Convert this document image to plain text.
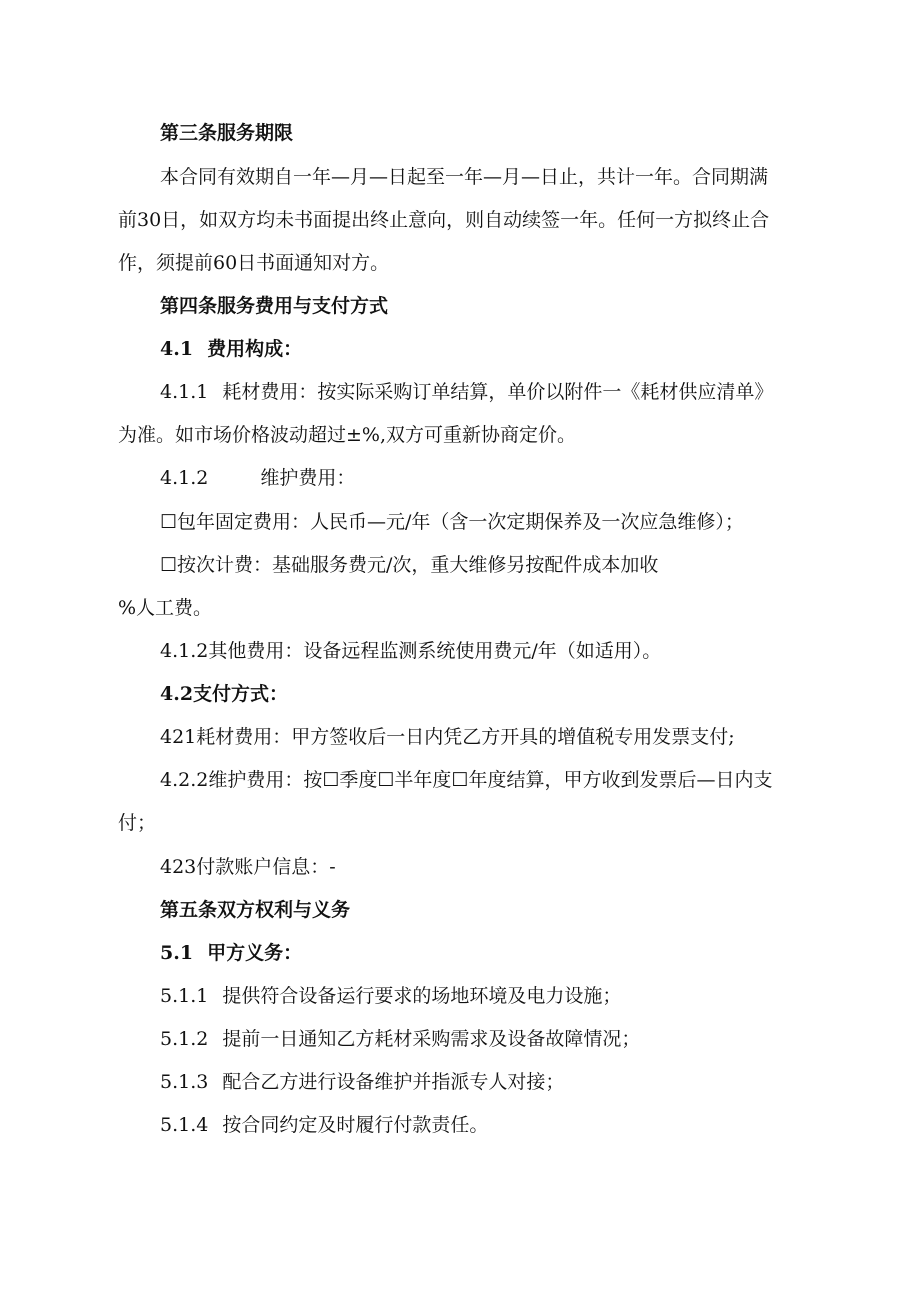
第三条服务期限
本合同有效期自一年—月—日起至一年—月—日止，共计一年。合同期满
前30日，如双方均未书面提出终止意向，则自动续签一年。任何一方拟终止合
作，须提前60日书面通知对方。
第四条服务费用与支付方式
4.1 费用构成：
4.1.1 耗材费用：按实际采购订单结算，单价以附件一《耗材供应清单》
为准。如市场价格波动超过±%,双方可重新协商定价。
4.1.2	维护费用：
☐包年固定费用：人民币—元/年（含一次定期保养及一次应急维修）；
☐按次计费：基础服务费元/次，重大维修另按配件成本加收
%人工费。
4.1.2其他费用：设备远程监测系统使用费元/年（如适用）。
4.2支付方式：
421耗材费用：甲方签收后一日内凭乙方开具的增值税专用发票支付;
4.2.2维护费用：按☐季度☐半年度☐年度结算，甲方收到发票后—日内支
付；
423付款账户信息：-
第五条双方权利与义务
5.1 甲方义务：
5.1.1 提供符合设备运行要求的场地环境及电力设施；
5.1.2 提前一日通知乙方耗材采购需求及设备故障情况；
5.1.3 配合乙方进行设备维护并指派专人对接；
5.1.4 按合同约定及时履行付款责任。
